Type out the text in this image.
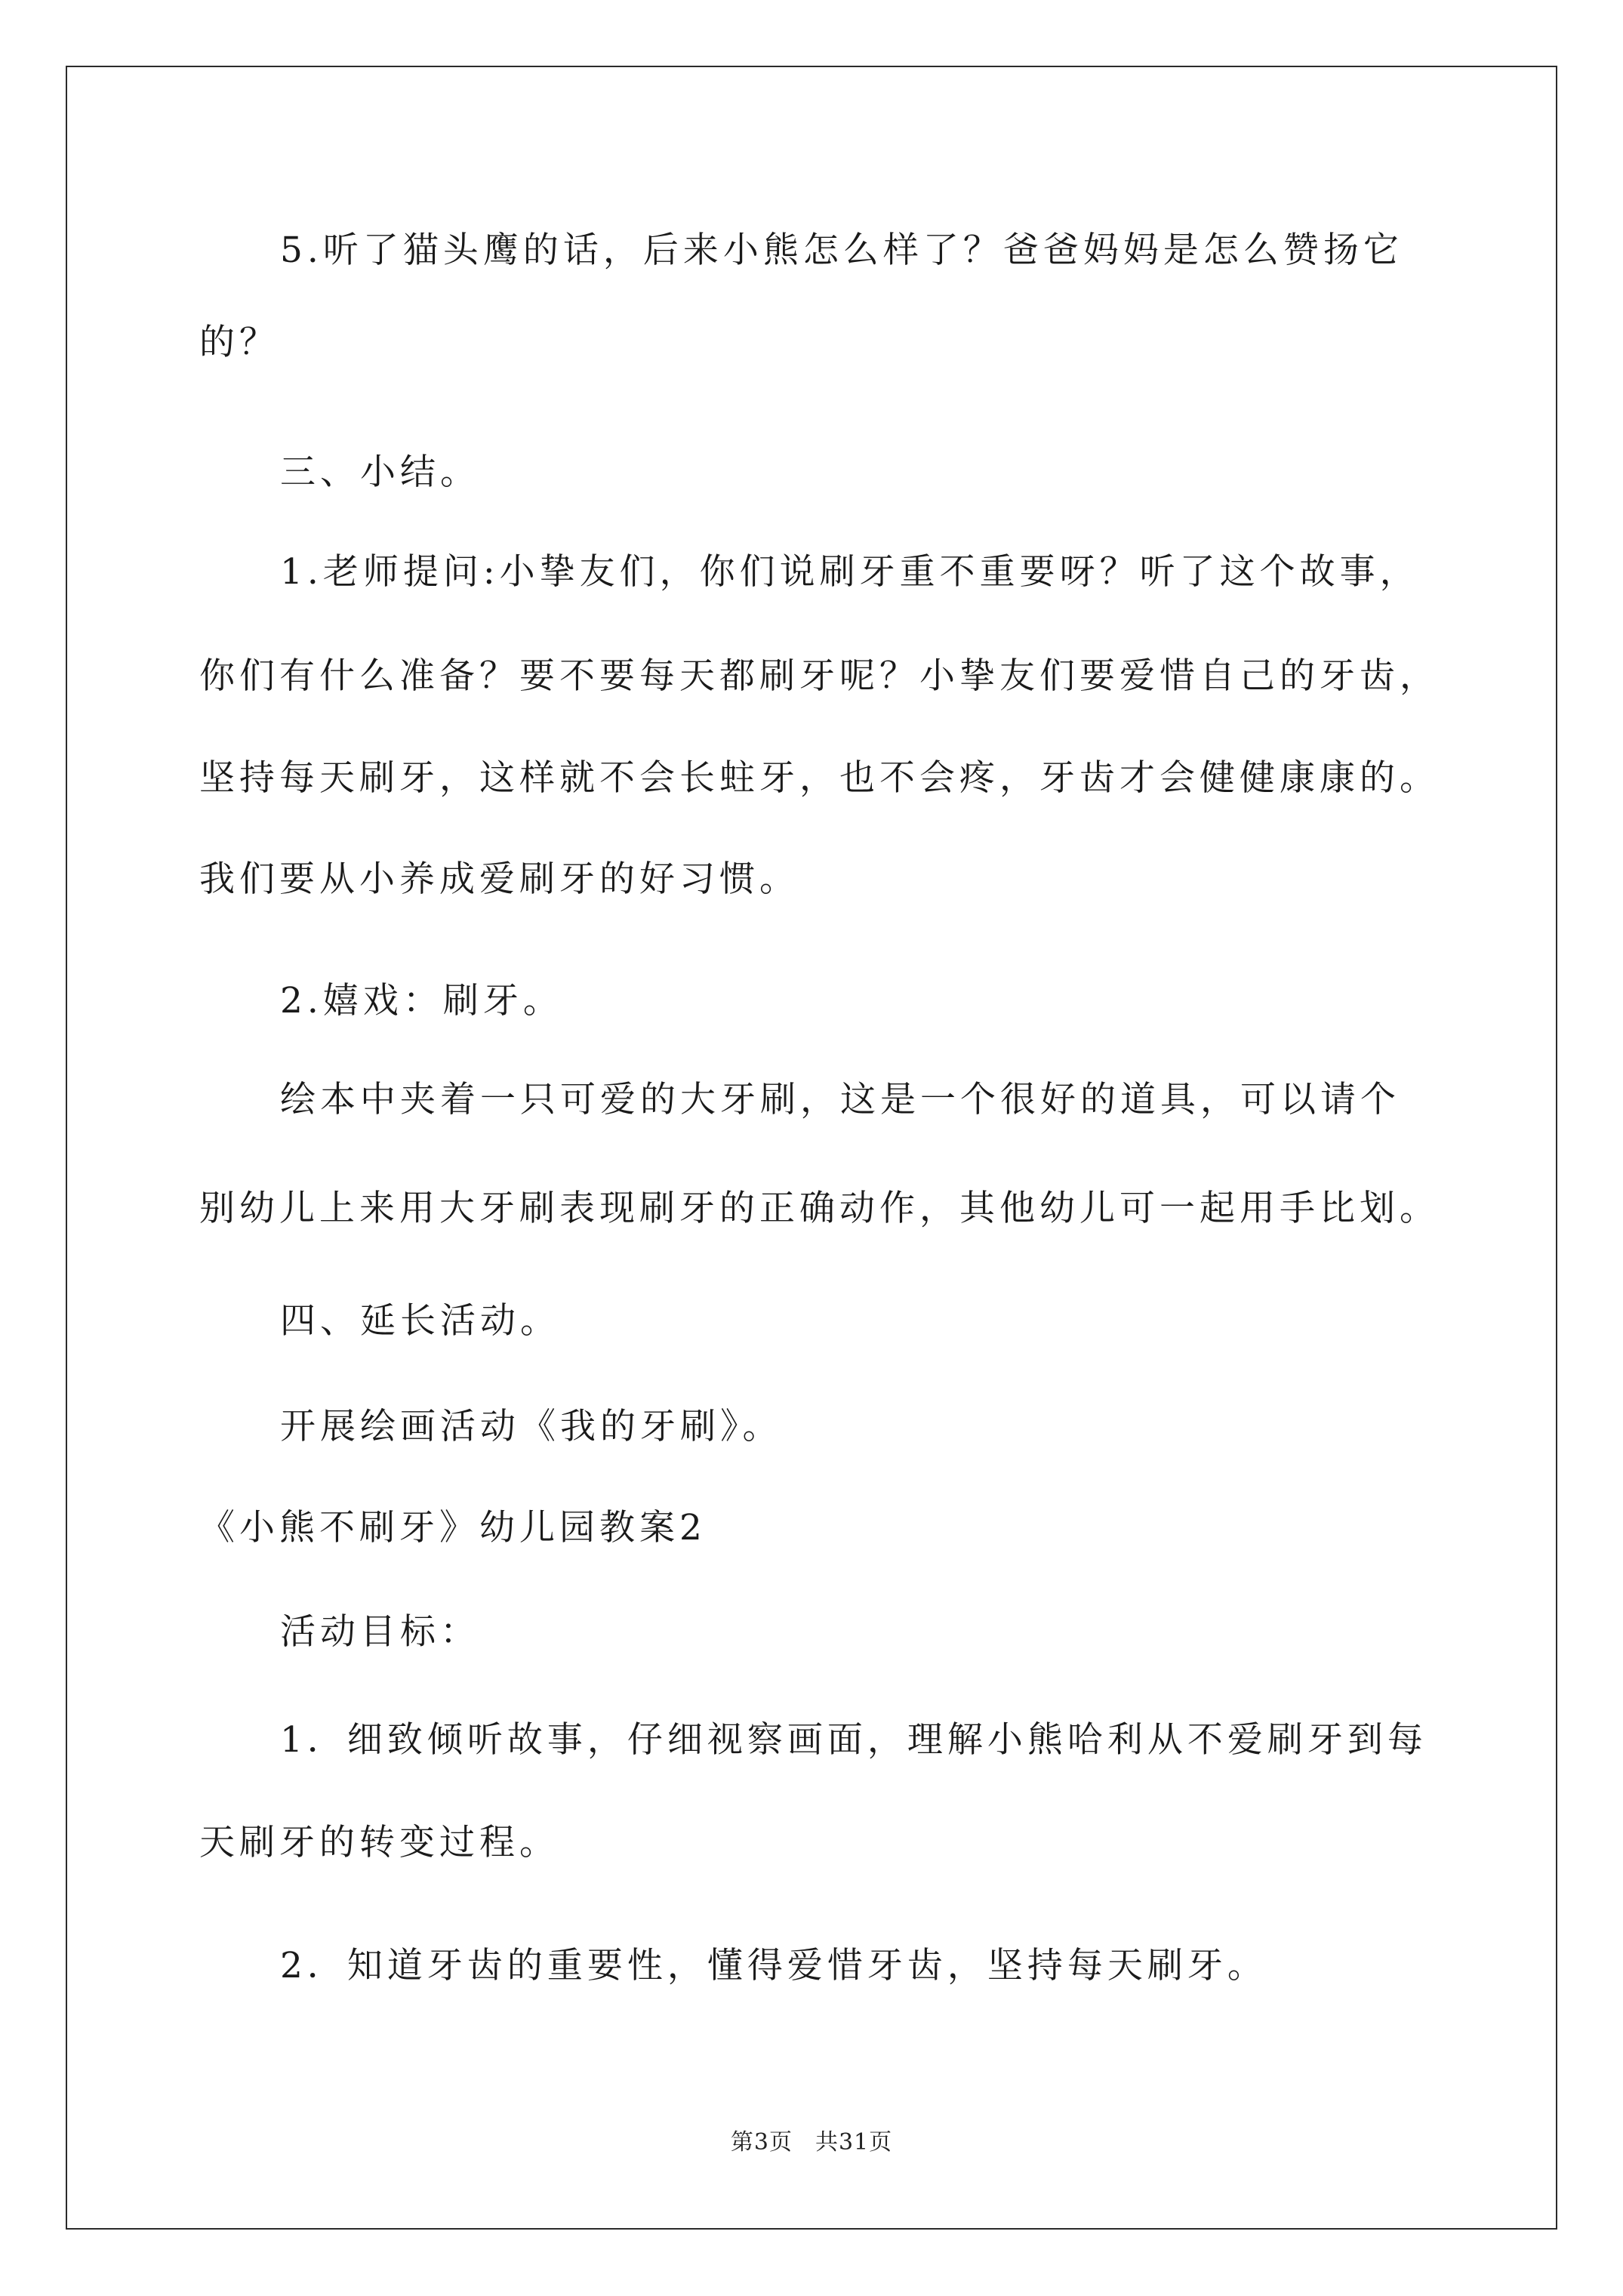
5.听了猫头鹰的话，后来小熊怎么样了？爸爸妈妈是怎么赞扬它
的？
三、小结。
1.老师提问:小挚友们，你们说刷牙重不重要呀？听了这个故事，
你们有什么准备？要不要每天都刷牙呢？小挚友们要爱惜自己的牙齿，
坚持每天刷牙，这样就不会长蛀牙，也不会疼，牙齿才会健健康康的。
我们要从小养成爱刷牙的好习惯。
2.嬉戏：刷牙。
绘本中夹着一只可爱的大牙刷，这是一个很好的道具，可以请个
别幼儿上来用大牙刷表现刷牙的正确动作，其他幼儿可一起用手比划。
四、延长活动。
开展绘画活动《我的牙刷》。
《小熊不刷牙》幼儿园教案2
活动目标：
1．细致倾听故事，仔细视察画面，理解小熊哈利从不爱刷牙到每
天刷牙的转变过程。
2．知道牙齿的重要性，懂得爱惜牙齿，坚持每天刷牙。
第3页 共31页
